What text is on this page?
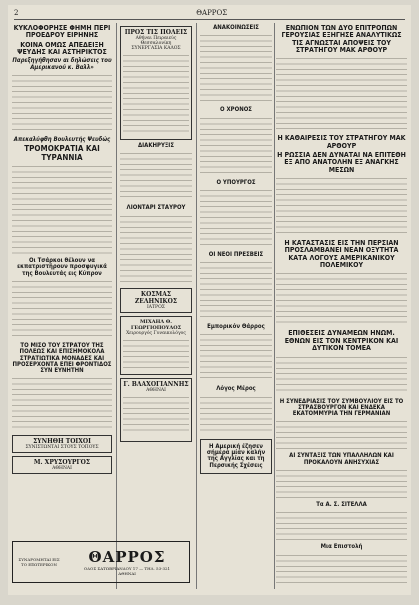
2	ΘΑΡΡΟΣ
ΚΥΚΛΟΦΟΡΗΣΕ ΦΗΜΗ ΠΕΡΙ ΠΡΟΕΔΡΟΥ ΕΙΡΗΝΗΣ
ΚΟΙΝΑ ΟΜΩΣ ΑΠΕΔΕΙΞΗ ΨΕΥΔΗΣ ΚΑΙ ΑΣΤΗΡΙΚΤΟΣ
Παρεξηγήθησαν αι δηλώσεις του Αμερικανού κ. Βαλλ»
Απεκαλύφθη Βουλευτής Ψευδώς
ΤΡΟΜΟΚΡΑΤΙΑ ΚΑΙ ΤΥΡΑΝΝΙΑ
Οι Τσάρκοι θέλουν να εκπατριστήρουν προσφυγικά της Βουλευτάς εις Κύπρον
ΤΟ ΜΙΣΟ ΤΟΥ ΣΤΡΑΤΟΥ ΤΗΣ ΠΟΛΕΩΣ ΚΑΙ ΕΠΙΣΗΜΟΚΟΛΑ ΣΤΡΑΤΙΩΤΙΚΑ ΜΟΝΑΔΕΣ ΚΑΙ ΠΡΟΣΕΡΧΟΝΤΑ ΕΠΕΙ ΦΡΟΝΤΙΔΟΣ ΣΥΝ ΕΥΝΗΤΗΝ
ΣΥΝΗΘΗ ΤΟΙΧΟΙ
ΣΥΝΙΣΤΩΝΤΑΙ ΣΤΟΥΣ ΤΟΠΟΥΣ
Μ. ΧΡΥΣΟΥΡΓΟΣ
ΑΘΗΝΑΙ
ΣΥΝΔΡΟΜΗΤΑΙ ΕΙΣ ΤΟ ΕΞΩΤΕΡΙΚΟΝ	ΘΑΡΡΟΣ
ΟΔΟΣ ΣΑΤΩΒΡΙΑΝΔΟΥ 17 — ΤΗΛ. 53-321
ΑΘΗΝΑΙ
ΠΡΟΣ ΤΙΣ ΠΟΛΕΙΣ
Αθήναι Πειραιεύς
Θεσσαλονίκη
ΣΥΝΕΡΓΑΣΙΑ ΚΑΛΟΣ
ΔΙΑΚΗΡΥΞΙΣ
ΛΙΟΝΤΑΡΙ ΣΤΑΥΡΟΥ
ΚΟΣΜΑΣ ΖΕΛΗΝΙΚΟΣ
ΙΑΤΡΟΣ
ΜΙΧΑΗΛ Θ. ΓΕΩΡΓΙΟΠΟΥΛΟΣ
Χειρουργός Γυναικολόγος
Γ. ΒΛΑΧΟΓΙΑΝΝΗΣ
ΑΘΗΝΑΙ
ΑΝΑΚΟΙΝΩΣΕΙΣ
Ο ΧΡΟΝΟΣ
Ο ΥΠΟΥΡΓΟΣ
ΟΙ ΝΕΟΙ ΠΡΕΣΒΕΙΣ
Εμπορικόν Θάρρος
Λόγος Μέρος
Η Αμερική έζησεν σήμερα μίαν καλήν της Αγγλίας και τη Περσικής Σχέσεις
ΕΝΩΠΙΟΝ ΤΩΝ ΔΥΟ ΕΠΙΤΡΟΠΩΝ ΓΕΡΟΥΣΙΑΣ ΕΞΗΓΗΣΕ ΑΝΑΛΥΤΙΚΩΣ ΤΙΣ ΑΓΝΩΣΤΑΙ ΑΠΟΨΕΙΣ ΤΟΥ ΣΤΡΑΤΗΓΟΥ ΜΑΚ ΑΡΘΟΥΡ
Η ΚΑΘΑΙΡΕΣΙΣ ΤΟΥ ΣΤΡΑΤΗΓΟΥ ΜΑΚ ΑΡΘΟΥΡ
Η ΡΩΣΣΙΑ ΔΕΝ ΔΥΝΑΤΑΙ ΝΑ ΕΠΙΤΕΘΗ ΕΞ ΑΠΟ ΑΝΑΤΟΛΗΝ ΕΞ ΑΝΑΓΚΗΣ ΜΕΣΩΝ
Η ΚΑΤΑΣΤΑΣΙΣ ΕΙΣ ΤΗΝ ΠΕΡΣΙΑΝ ΠΡΟΣΛΑΜΒΑΝΕΙ ΝΕΑΝ ΟΞΥΤΗΤΑ ΚΑΤΑ ΛΟΓΟΥΣ ΑΜΕΡΙΚΑΝΙΚΟΥ ΠΟΛΕΜΙΚΟΥ
ΕΠΙΘΕΣΕΙΣ ΔΥΝΑΜΕΩΝ ΗΝΩΜ. ΕΘΝΩΝ ΕΙΣ ΤΟΝ ΚΕΝΤΡΙΚΟΝ ΚΑΙ ΔΥΤΙΚΟΝ ΤΟΜΕΑ
Η ΣΥΝΕΔΡΙΑΣΙΣ ΤΟΥ ΣΥΜΒΟΥΛΙΟΥ ΕΙΣ ΤΟ ΣΤΡΑΣΒΟΥΡΓΟΝ ΚΑΙ ΕΝΔΕΚΑ ΕΚΑΤΟΜΜΥΡΙΑ ΤΗΝ ΓΕΡΜΑΝΙΑΝ
ΑΙ ΣΥΝΤΑΞΙΣ ΤΩΝ ΥΠΑΛΛΗΛΩΝ ΚΑΙ ΠΡΟΚΑΛΟΥΝ ΑΝΗΣΥΧΙΑΣ
Τα Α. Σ. ΣΙΤΕΛΛΑ
Μια Επιστολή
